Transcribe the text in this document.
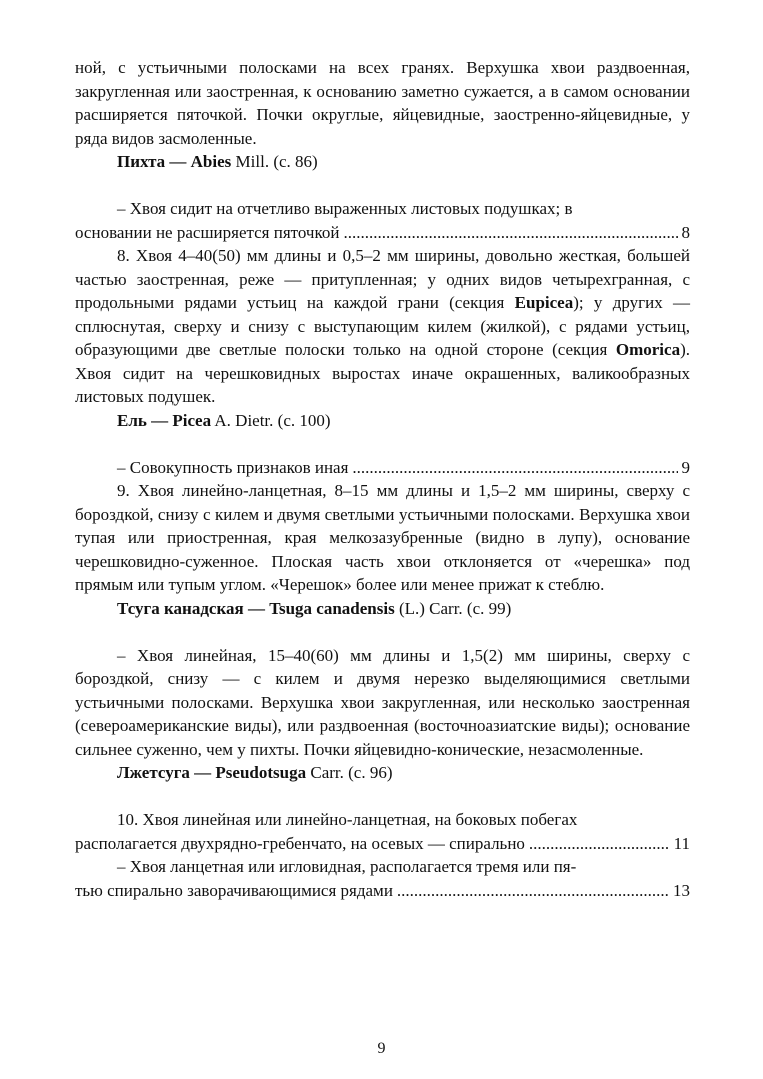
ной, с устьичными полосками на всех гранях. Верхушка хвои раздвоенная, закругленная или заостренная, к основанию заметно сужается, а в самом основании расширяется пяточкой. Почки округлые, яйцевидные, заостренно-яйцевидные, у ряда видов засмоленные.

Пихта — Abies Mill. (с. 86)

– Хвоя сидит на отчетливо выраженных листовых подушках; в

основании не расширяется пяточкой .....	8

8. Хвоя 4–40(50) мм длины и 0,5–2 мм ширины, довольно жесткая, большей частью заостренная, реже — притупленная; у одних видов четырехгранная, с продольными рядами устьиц на каждой грани (секция Eupicea); у других — сплюснутая, сверху и снизу с выступающим килем (жилкой), с рядами устьиц, образующими две светлые полоски только на одной стороне (секция Omorica). Хвоя сидит на черешковидных выростах иначе окрашенных, валикообразных листовых подушек.

Ель — Picea A. Dietr. (с. 100)

– Совокупность признаков иная .....	9

9. Хвоя линейно-ланцетная, 8–15 мм длины и 1,5–2 мм ширины, сверху с бороздкой, снизу с килем и двумя светлыми устьичными полосками. Верхушка хвои тупая или приостренная, края мелкозазубренные (видно в лупу), основание черешковидно-суженное. Плоская часть хвои отклоняется от «черешка» под прямым или тупым углом. «Черешок» более или менее прижат к стеблю.

Тсуга канадская — Tsuga canadensis (L.) Carr. (с. 99)

– Хвоя линейная, 15–40(60) мм длины и 1,5(2) мм ширины, сверху с бороздкой, снизу — с килем и двумя нерезко выделяющимися светлыми устьичными полосками. Верхушка хвои закругленная, или несколько заостренная (североамериканские виды), или раздвоенная (восточноазиатские виды); основание сильнее суженно, чем у пихты. Почки яйцевидно-конические, незасмоленные.

Лжетсуга — Pseudotsuga Carr. (с. 96)

10. Хвоя линейная или линейно-ланцетная, на боковых побегах

располагается двухрядно-гребенчато, на осевых — спирально .....	11

– Хвоя ланцетная или игловидная, располагается тремя или пя-

тью спирально заворачивающимися рядами .....	13
9
